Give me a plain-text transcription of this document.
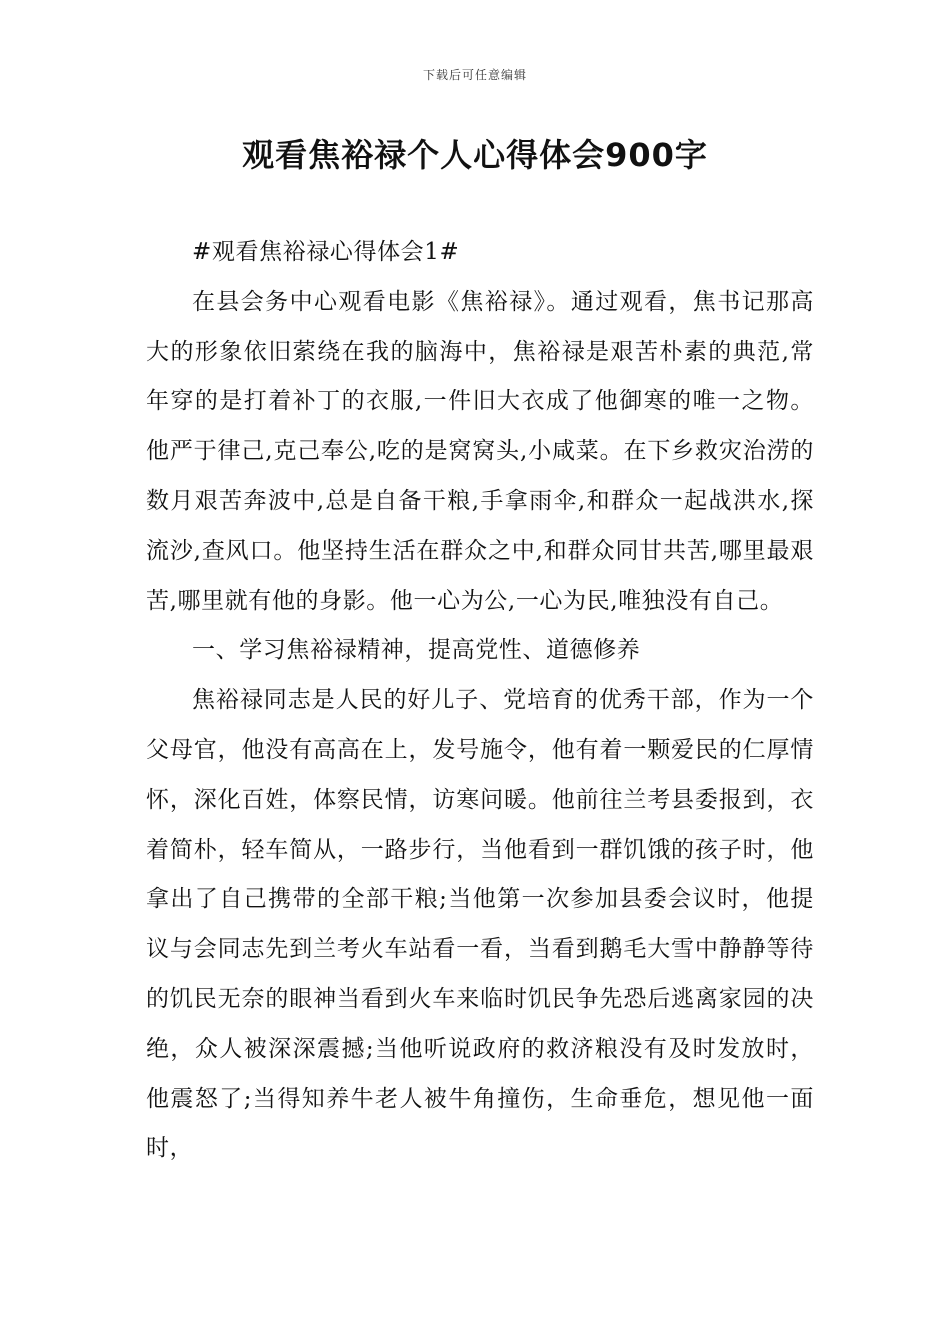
下载后可任意编辑
观看焦裕禄个人心得体会900字

#观看焦裕禄心得体会1#

在县会务中心观看电影《焦裕禄》。通过观看，焦书记那高大的形象依旧萦绕在我的脑海中，焦裕禄是艰苦朴素的典范,常年穿的是打着补丁的衣服,一件旧大衣成了他御寒的唯一之物。他严于律己,克己奉公,吃的是窝窝头,小咸菜。在下乡救灾治涝的数月艰苦奔波中,总是自备干粮,手拿雨伞,和群众一起战洪水,探流沙,查风口。他坚持生活在群众之中,和群众同甘共苦,哪里最艰苦,哪里就有他的身影。他一心为公,一心为民,唯独没有自己。

一、学习焦裕禄精神，提高党性、道德修养

焦裕禄同志是人民的好儿子、党培育的优秀干部，作为一个父母官，他没有高高在上，发号施令，他有着一颗爱民的仁厚情怀，深化百姓，体察民情，访寒问暖。他前往兰考县委报到，衣着简朴，轻车简从，一路步行，当他看到一群饥饿的孩子时，他拿出了自己携带的全部干粮;当他第一次参加县委会议时，他提议与会同志先到兰考火车站看一看，当看到鹅毛大雪中静静等待的饥民无奈的眼神当看到火车来临时饥民争先恐后逃离家园的决绝，众人被深深震撼;当他听说政府的救济粮没有及时发放时，他震怒了;当得知养牛老人被牛角撞伤，生命垂危，想见他一面时，
